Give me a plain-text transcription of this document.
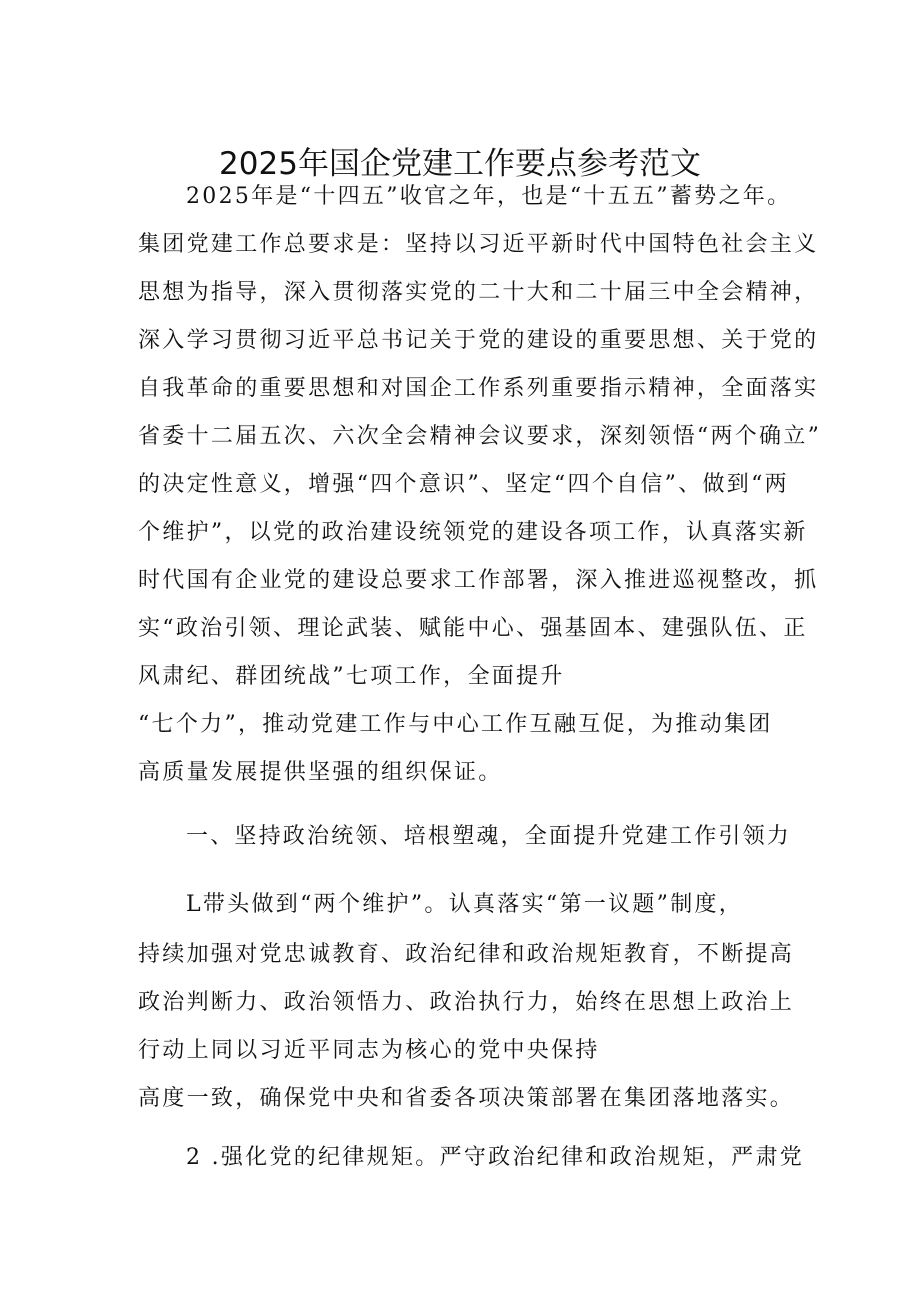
2025年国企党建工作要点参考范文
2025年是“十四五”收官之年，也是“十五五”蓄势之年。
集团党建工作总要求是：坚持以习近平新时代中国特色社会主义
思想为指导，深入贯彻落实党的二十大和二十届三中全会精神，
深入学习贯彻习近平总书记关于党的建设的重要思想、关于党的
自我革命的重要思想和对国企工作系列重要指示精神，全面落实
省委十二届五次、六次全会精神会议要求，深刻领悟“两个确立”
的决定性意义，增强“四个意识”、坚定“四个自信”、做到“两
个维护”，以党的政治建设统领党的建设各项工作，认真落实新
时代国有企业党的建设总要求工作部署，深入推进巡视整改，抓
实“政治引领、理论武装、赋能中心、强基固本、建强队伍、正
风肃纪、群团统战”七项工作，全面提升
“七个力”，推动党建工作与中心工作互融互促，为推动集团
高质量发展提供坚强的组织保证。
一、坚持政治统领、培根塑魂，全面提升党建工作引领力
L带头做到“两个维护”。认真落实“第一议题”制度，
持续加强对党忠诚教育、政治纪律和政治规矩教育，不断提高
政治判断力、政治领悟力、政治执行力，始终在思想上政治上
行动上同以习近平同志为核心的党中央保持
高度一致，确保党中央和省委各项决策部署在集团落地落实。
2 .强化党的纪律规矩。严守政治纪律和政治规矩，严肃党
